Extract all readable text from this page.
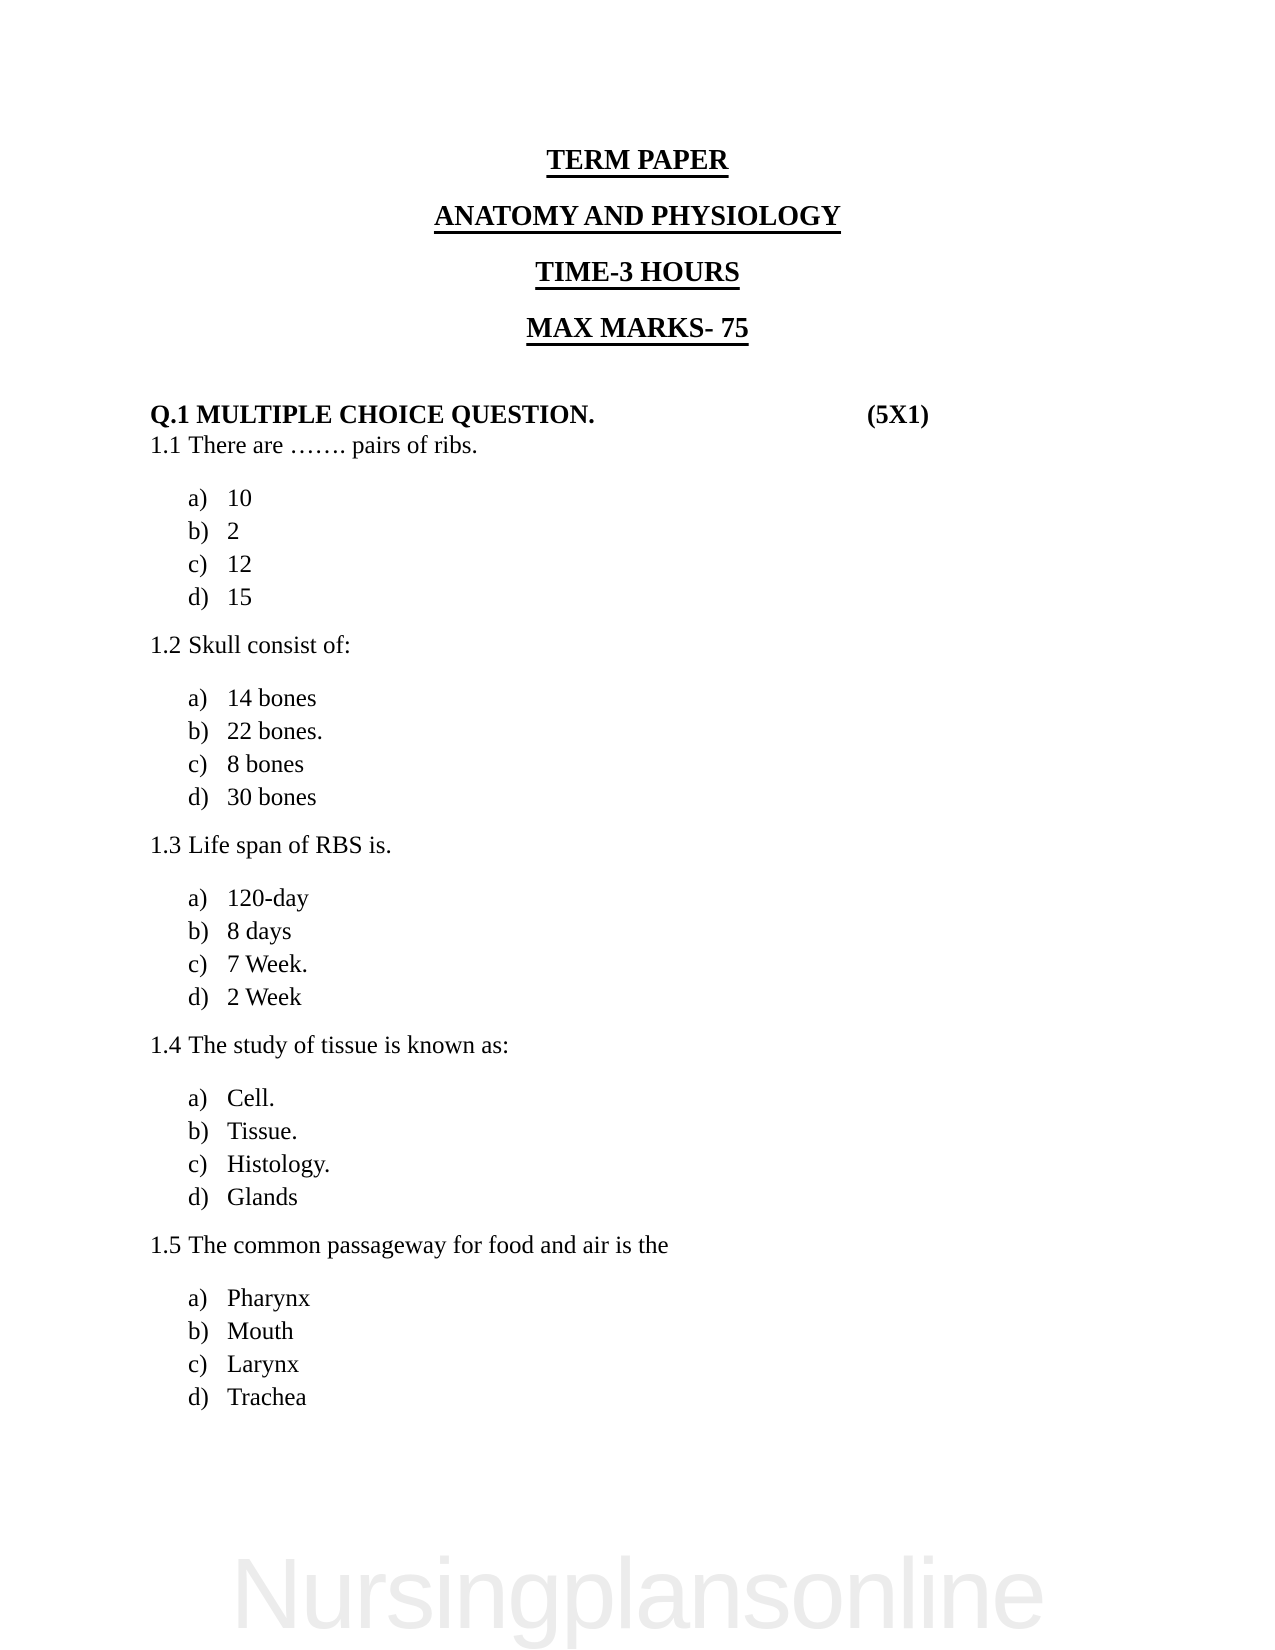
TERM PAPER

ANATOMY AND PHYSIOLOGY

TIME-3 HOURS

MAX MARKS- 75

Q.1 MULTIPLE CHOICE QUESTION.	(5X1)

1.1 There are ……. pairs of ribs.

a) 10
b) 2
c) 12
d) 15

1.2 Skull consist of:

a) 14 bones
b) 22 bones.
c) 8 bones
d) 30 bones

1.3 Life span of RBS is.

a) 120-day
b) 8 days
c) 7 Week.
d) 2 Week

1.4 The study of tissue is known as:

a) Cell.
b) Tissue.
c) Histology.
d) Glands

1.5 The common passageway for food and air is the

a) Pharynx
b) Mouth
c) Larynx
d) Trachea
Nursingplansonline
